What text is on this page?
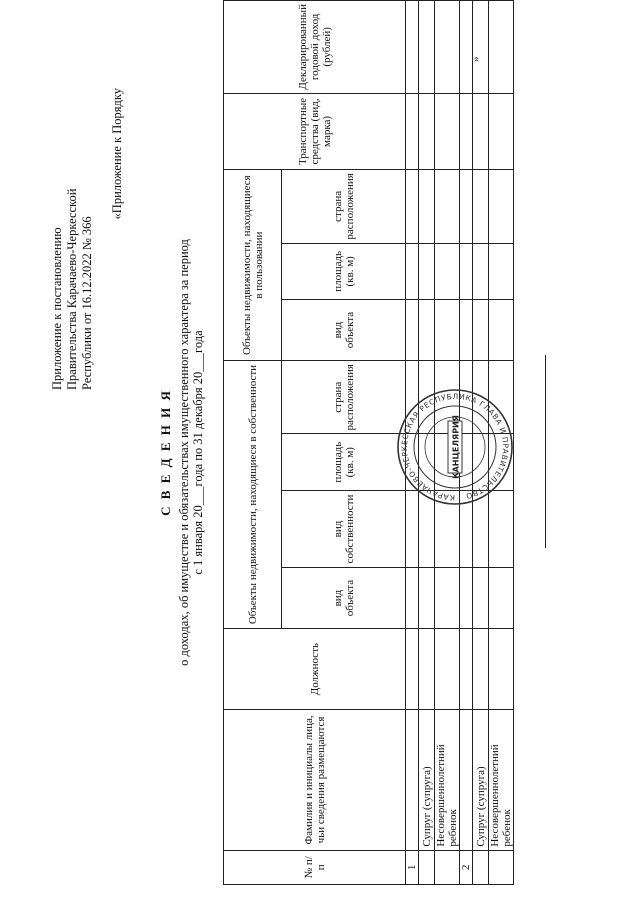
Приложение к постановлению Правительства Карачаево-Черкесской Республики от 16.12.2022 № 366
«Приложение к Порядку
С В Е Д Е Н И Я о доходах, об имуществе и обязательствах имущественного характера за период с 1 января 20___года по 31 декабря 20___года
№ п/п	Фамилия и инициалы лица, чьи сведения размещаются	Должность	Объекты недвижимости, находящиеся в собственности				Объекты недвижимости, находящиеся в пользовании			Транспортные средства (вид, марка)	Декларированный годовой доход (рублей)
			вид объекта	вид собственности	площадь (кв. м)	страна расположения	вид объекта	площадь (кв. м)	страна расположения		
1											
	Супруг (супруга)										
	Несовершеннолетний ребенок										
2											
	Супруг (супруга)										
	Несовершеннолетний ребенок										
»
КАРАЧАЕВО-ЧЕРКЕССКАЯ РЕСПУБЛИКА ГЛАВА И ПРАВИТЕЛЬСТВО
КАНЦЕЛЯРИЯ
